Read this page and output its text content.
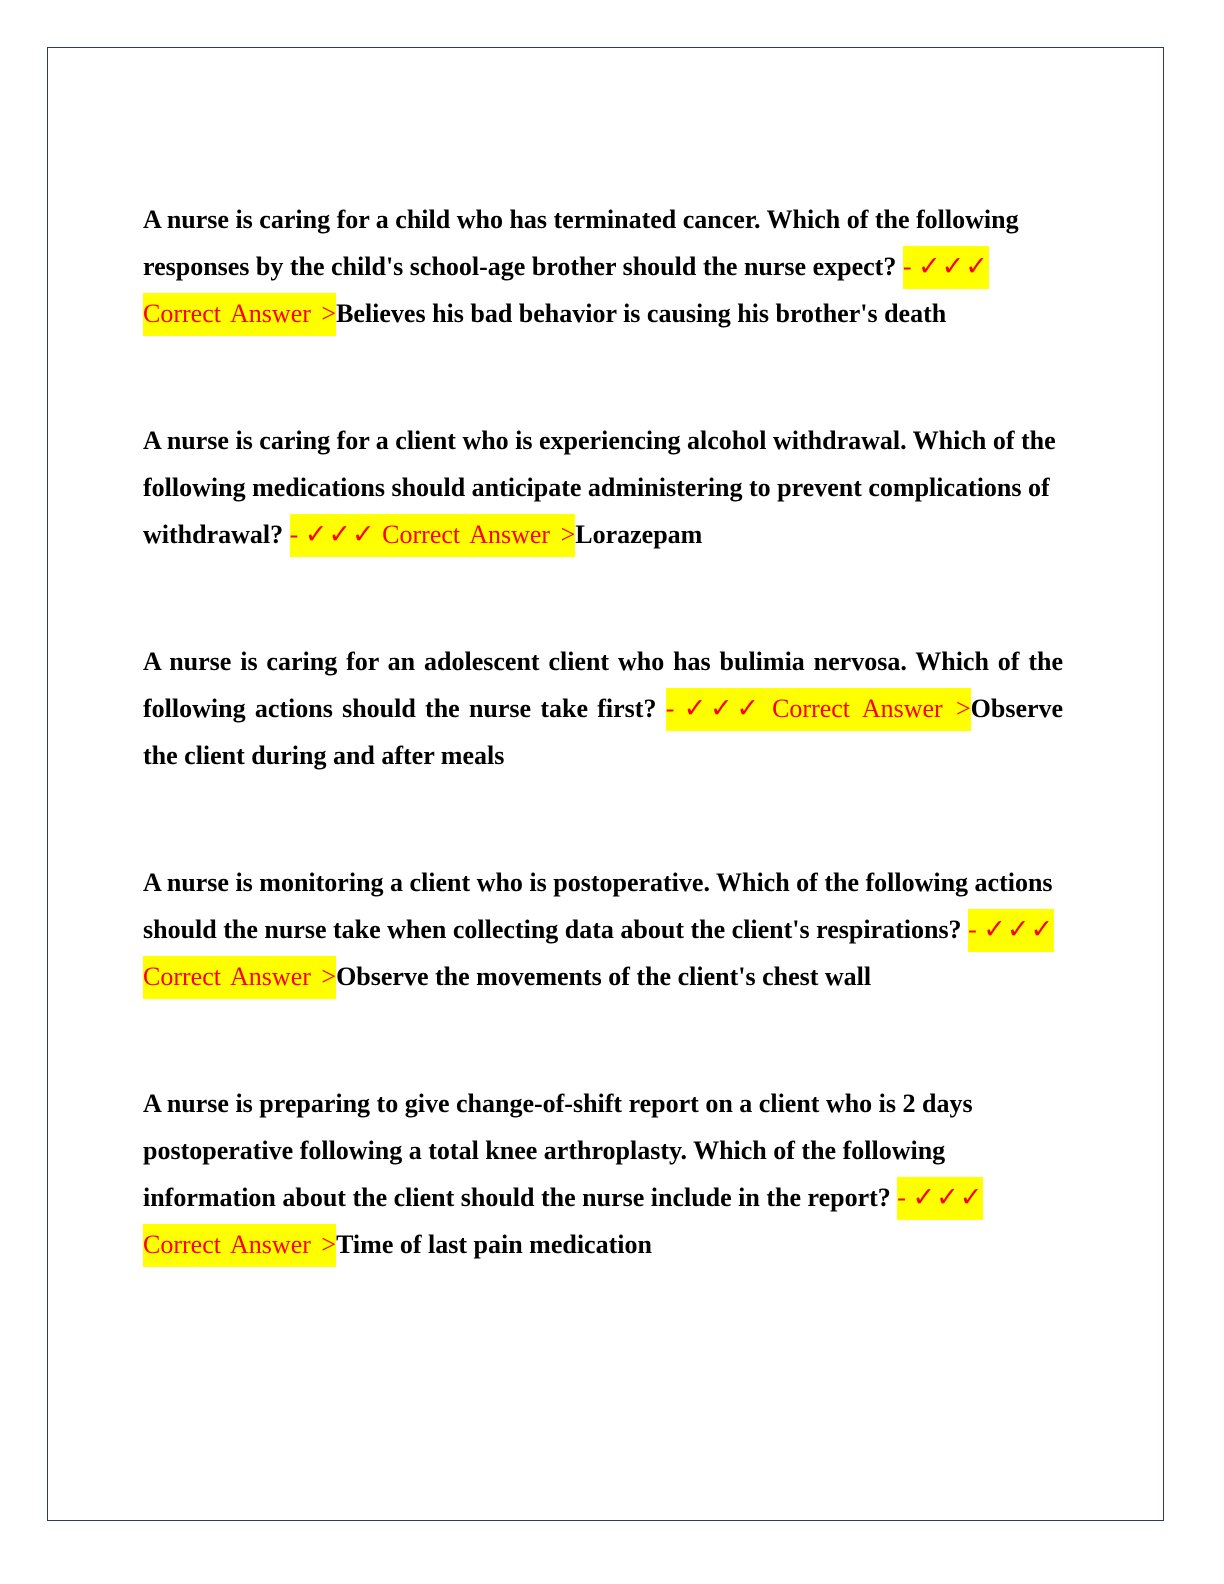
A nurse is caring for a child who has terminated cancer. Which of the following responses by the child's school-age brother should the nurse expect? - ✓✓✓ Correct Answer >Believes his bad behavior is causing his brother's death

A nurse is caring for a client who is experiencing alcohol withdrawal. Which of the following medications should anticipate administering to prevent complications of withdrawal? - ✓✓✓ Correct Answer >Lorazepam

A nurse is caring for an adolescent client who has bulimia nervosa. Which of the following actions should the nurse take first? - ✓✓✓ Correct Answer >Observe the client during and after meals

A nurse is monitoring a client who is postoperative. Which of the following actions should the nurse take when collecting data about the client's respirations? - ✓✓✓ Correct Answer >Observe the movements of the client's chest wall

A nurse is preparing to give change-of-shift report on a client who is 2 days postoperative following a total knee arthroplasty. Which of the following information about the client should the nurse include in the report? - ✓✓✓ Correct Answer >Time of last pain medication
